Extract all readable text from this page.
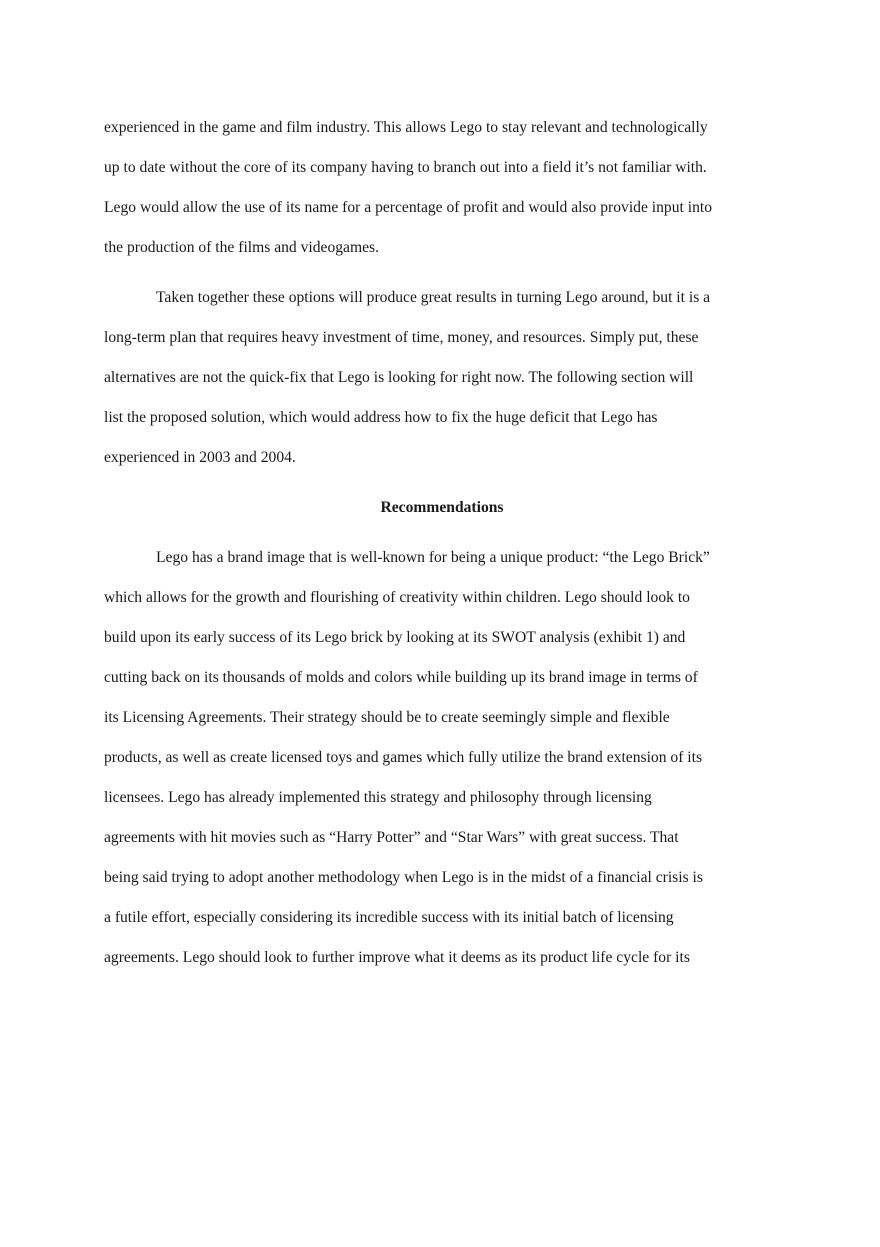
experienced in the game and film industry. This allows Lego to stay relevant and technologically
up to date without the core of its company having to branch out into a field it’s not familiar with.
Lego would allow the use of its name for a percentage of profit and would also provide input into
the production of the films and videogames.
Taken together these options will produce great results in turning Lego around, but it is a
long-term plan that requires heavy investment of time, money, and resources. Simply put, these
alternatives are not the quick-fix that Lego is looking for right now. The following section will
list the proposed solution, which would address how to fix the huge deficit that Lego has
experienced in 2003 and 2004.
Recommendations
Lego has a brand image that is well-known for being a unique product: “the Lego Brick”
which allows for the growth and flourishing of creativity within children. Lego should look to
build upon its early success of its Lego brick by looking at its SWOT analysis (exhibit 1) and
cutting back on its thousands of molds and colors while building up its brand image in terms of
its Licensing Agreements. Their strategy should be to create seemingly simple and flexible
products, as well as create licensed toys and games which fully utilize the brand extension of its
licensees. Lego has already implemented this strategy and philosophy through licensing
agreements with hit movies such as “Harry Potter” and “Star Wars” with great success. That
being said trying to adopt another methodology when Lego is in the midst of a financial crisis is
a futile effort, especially considering its incredible success with its initial batch of licensing
agreements. Lego should look to further improve what it deems as its product life cycle for its
